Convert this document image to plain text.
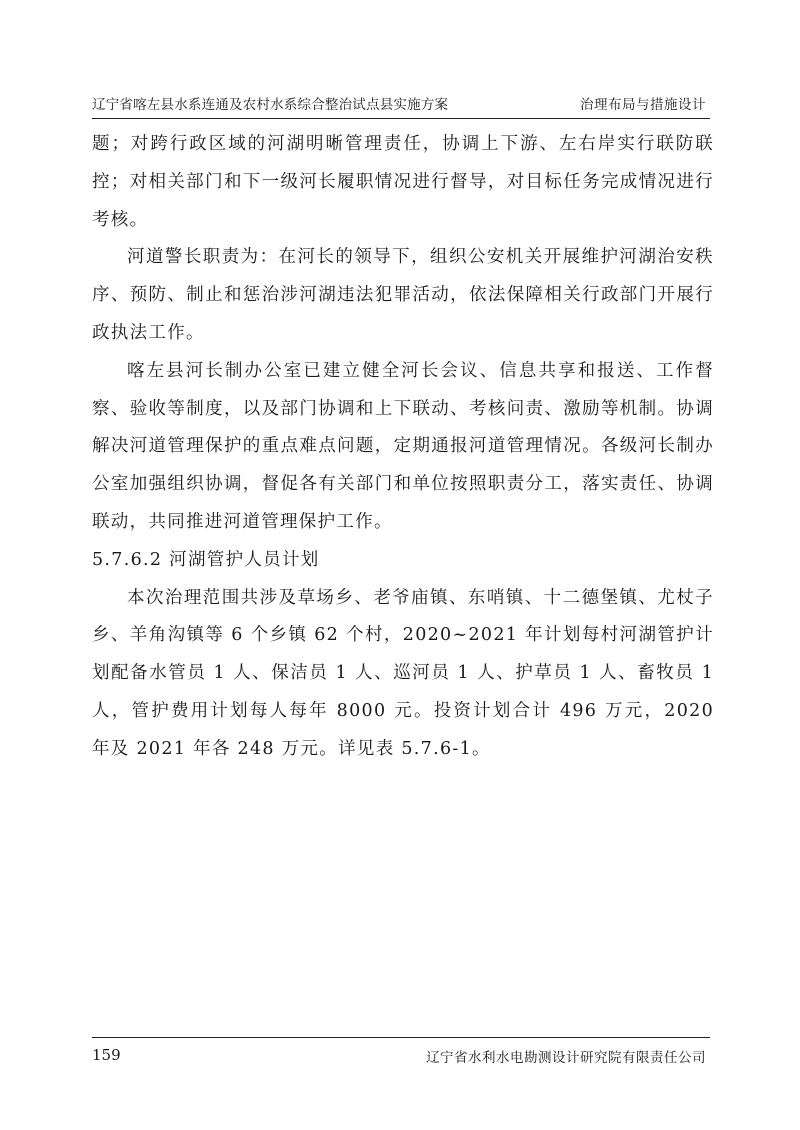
辽宁省喀左县水系连通及农村水系综合整治试点县实施方案	治理布局与措施设计

题；对跨行政区域的河湖明晰管理责任，协调上下游、左右岸实行联防联控；对相关部门和下一级河长履职情况进行督导，对目标任务完成情况进行考核。

河道警长职责为：在河长的领导下，组织公安机关开展维护河湖治安秩序、预防、制止和惩治涉河湖违法犯罪活动，依法保障相关行政部门开展行政执法工作。

喀左县河长制办公室已建立健全河长会议、信息共享和报送、工作督察、验收等制度，以及部门协调和上下联动、考核问责、激励等机制。协调解决河道管理保护的重点难点问题，定期通报河道管理情况。各级河长制办公室加强组织协调，督促各有关部门和单位按照职责分工，落实责任、协调联动，共同推进河道管理保护工作。

5.7.6.2 河湖管护人员计划

本次治理范围共涉及草场乡、老爷庙镇、东哨镇、十二德堡镇、尤杖子乡、羊角沟镇等 6 个乡镇 62 个村，2020~2021 年计划每村河湖管护计划配备水管员 1 人、保洁员 1 人、巡河员 1 人、护草员 1 人、畜牧员 1 人，管护费用计划每人每年 8000 元。投资计划合计 496 万元，2020 年及 2021 年各 248 万元。详见表 5.7.6-1。

159	辽宁省水利水电勘测设计研究院有限责任公司
